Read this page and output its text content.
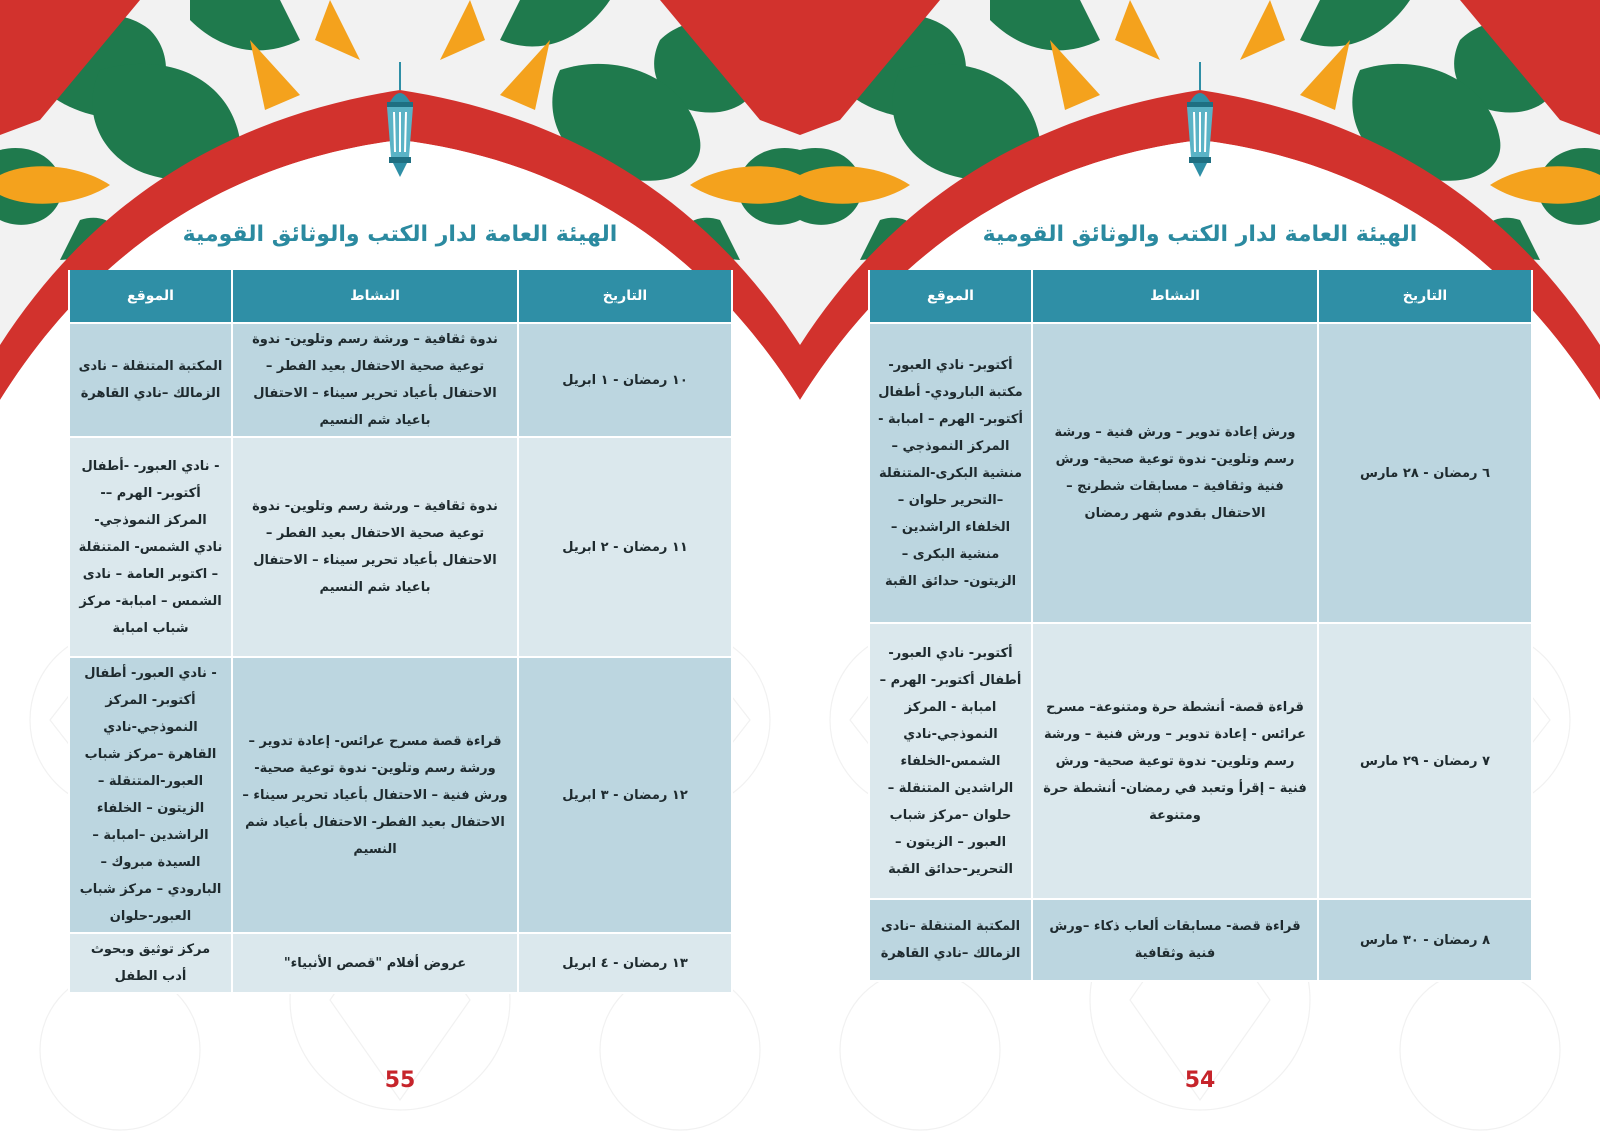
الهيئة العامة لدار الكتب والوثائق القومية
التاريخ	النشاط	الموقع
١٠ رمضان - ١ ابريل	ندوة ثقافية – ورشة رسم وتلوين- ندوة توعية صحية الاحتفال بعيد الفطر – الاحتفال بأعياد تحرير سيناء – الاحتفال باعياد شم النسيم	المكتبة المتنقلة – نادى الزمالك –نادي القاهرة
١١ رمضان - ٢ ابريل	ندوة ثقافية – ورشة رسم وتلوين- ندوة توعية صحية الاحتفال بعيد الفطر – الاحتفال بأعياد تحرير سيناء – الاحتفال باعياد شم النسيم	- نادي العبور- -أطفال أكتوبر- الهرم –- المركز النموذجي- نادي الشمس- المتنقلة – اكتوبر العامة – نادى الشمس – امبابة- مركز شباب امبابة
١٢ رمضان - ٣ ابريل	قراءة قصة مسرح عرائس- إعادة تدوير – ورشة رسم وتلوين- ندوة توعية صحية- ورش فنية – الاحتفال بأعياد تحرير سيناء – الاحتفال بعيد الفطر- الاحتفال بأعياد شم النسيم	- نادي العبور- أطفال أكتوبر- المركز النموذجي-نادي القاهرة –مركز شباب العبور-المتنقلة –الزيتون – الخلفاء الراشدين –امبابة – السيدة مبروك – البارودي – مركز شباب العبور-حلوان
١٣ رمضان - ٤ ابريل	عروض أفلام "قصص الأنبياء"	مركز توثيق وبحوث أدب الطفل
55
الهيئة العامة لدار الكتب والوثائق القومية
التاريخ	النشاط	الموقع
٦ رمضان - ٢٨ مارس	ورش إعادة تدوير – ورش فنية – ورشة رسم وتلوين- ندوة توعية صحية- ورش فنية وثقافية – مسابقات شطرنج – الاحتفال بقدوم شهر رمضان	أكتوبر- نادي العبور- مكتبة البارودي- أطفال أكتوبر- الهرم – امبابة - المركز النموذجي –منشية البكرى-المتنقلة –التحرير حلوان – الخلفاء الراشدين –منشية البكرى – الزيتون- حدائق القبة
٧ رمضان - ٢٩ مارس	قراءة قصة- أنشطة حرة ومتنوعة– مسرح عرائس - إعادة تدوير – ورش فنية – ورشة رسم وتلوين- ندوة توعية صحية- ورش فنية – إقرأ وتعبد في رمضان- أنشطة حرة ومتنوعة	أكتوبر- نادي العبور- أطفال أكتوبر- الهرم –امبابة - المركز النموذجي-نادي الشمس-الخلفاء الراشدين المتنقلة – حلوان –مركز شباب العبور – الزيتون –التحرير-حدائق القبة
٨ رمضان - ٣٠ مارس	قراءة قصة- مسابقات ألعاب ذكاء –ورش فنية وثقافية	المكتبة المتنقلة –نادى الزمالك –نادي القاهرة
54
